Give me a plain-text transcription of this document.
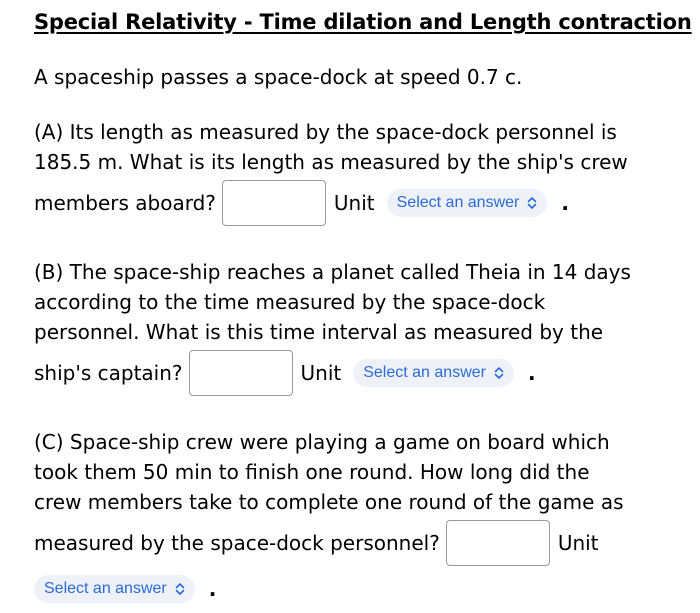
Special Relativity - Time dilation and Length contraction
A spaceship passes a space-dock at speed 0.7 c.
(A) Its length as measured by the space-dock personnel is
185.5 m. What is its length as measured by the ship's crew
members aboard?	Unit Select an answer .
(B) The space-ship reaches a planet called Theia in 14 days
according to the time measured by the space-dock
personnel. What is this time interval as measured by the
ship's captain?	Unit Select an answer .
(C) Space-ship crew were playing a game on board which
took them 50 min to finish one round. How long did the
crew members take to complete one round of the game as
measured by the space-dock personnel?	Unit
Select an answer .
